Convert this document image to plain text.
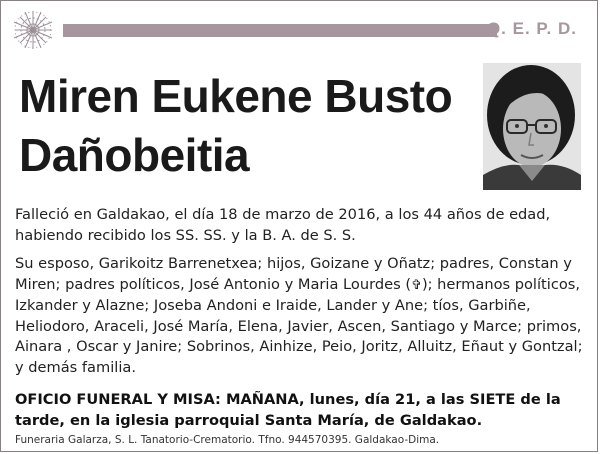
Q. E. P. D.
Miren Eukene Busto Dañobeitia
Falleció en Galdakao, el día 18 de marzo de 2016, a los 44 años de edad, habiendo recibido los SS. SS. y la B. A. de S. S.
Su esposo, Garikoitz Barrenetxea; hijos, Goizane y Oñatz; padres, Constan y Miren; padres políticos, José Antonio y Maria Lourdes (✞); hermanos políticos, Izkander y Alazne; Joseba Andoni e Iraide, Lander y Ane; tíos, Garbiñe, Heliodoro, Araceli, José María, Elena, Javier, Ascen, Santiago y Marce; primos, Ainara , Oscar y Janire; Sobrinos, Ainhize, Peio, Joritz, Alluitz, Eñaut y Gontzal; y demás familia.
OFICIO FUNERAL Y MISA: MAÑANA, lunes, día 21, a las SIETE de la tarde, en la iglesia parroquial Santa María, de Galdakao.
Funeraria Galarza, S. L. Tanatorio-Crematorio. Tfno. 944570395. Galdakao-Dima.
